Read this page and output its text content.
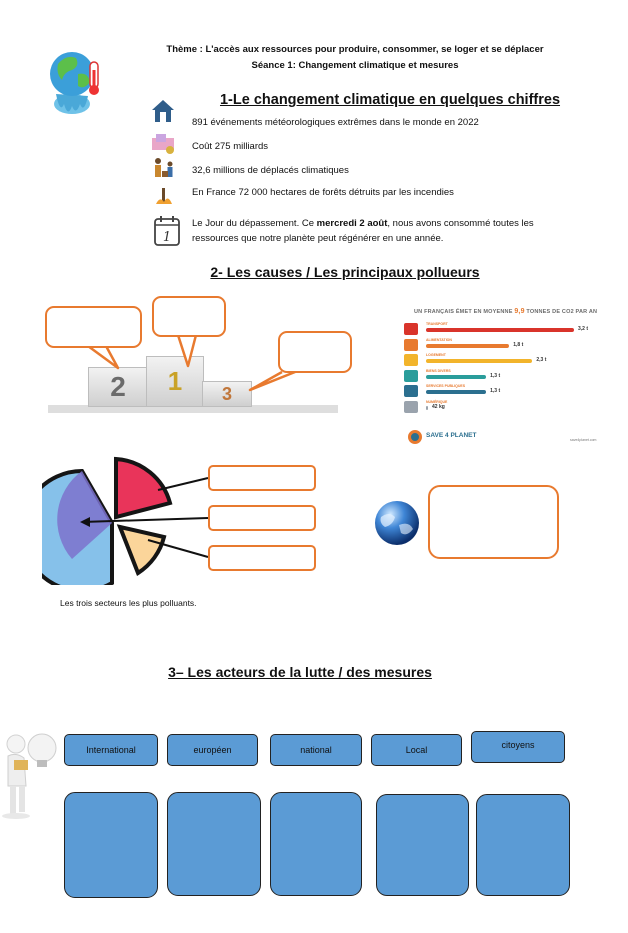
Thème : L'accès aux ressources pour produire, consommer, se loger et se déplacer
Séance 1: Changement climatique et mesures
1-Le changement climatique en quelques chiffres
891 événements météorologiques extrêmes dans le monde en 2022
Coût 275 milliards
32,6 millions de déplacés climatiques
En France 72 000 hectares de forêts détruits par les incendies
1
Le Jour du dépassement. Ce mercredi 2 août, nous avons consommé toutes les
ressources que notre planète peut régénérer en une année.
2- Les causes / Les principaux pollueurs
2 1 3
UN FRANÇAIS ÉMET EN MOYENNE 9,9 TONNES DE CO2 PAR AN
TRANSPORT
3,2 t
ALIMENTATION
1,8 t
LOGEMENT
2,3 t
BIENS DIVERS
1,3 t
SERVICES PUBLIQUES
1,3 t
NUMÉRIQUE
42 kg
SAVE 4 PLANET
save4planet.com
Les trois secteurs les plus polluants.
3– Les acteurs de la lutte / des mesures
International	européen	national	Local	citoyens
